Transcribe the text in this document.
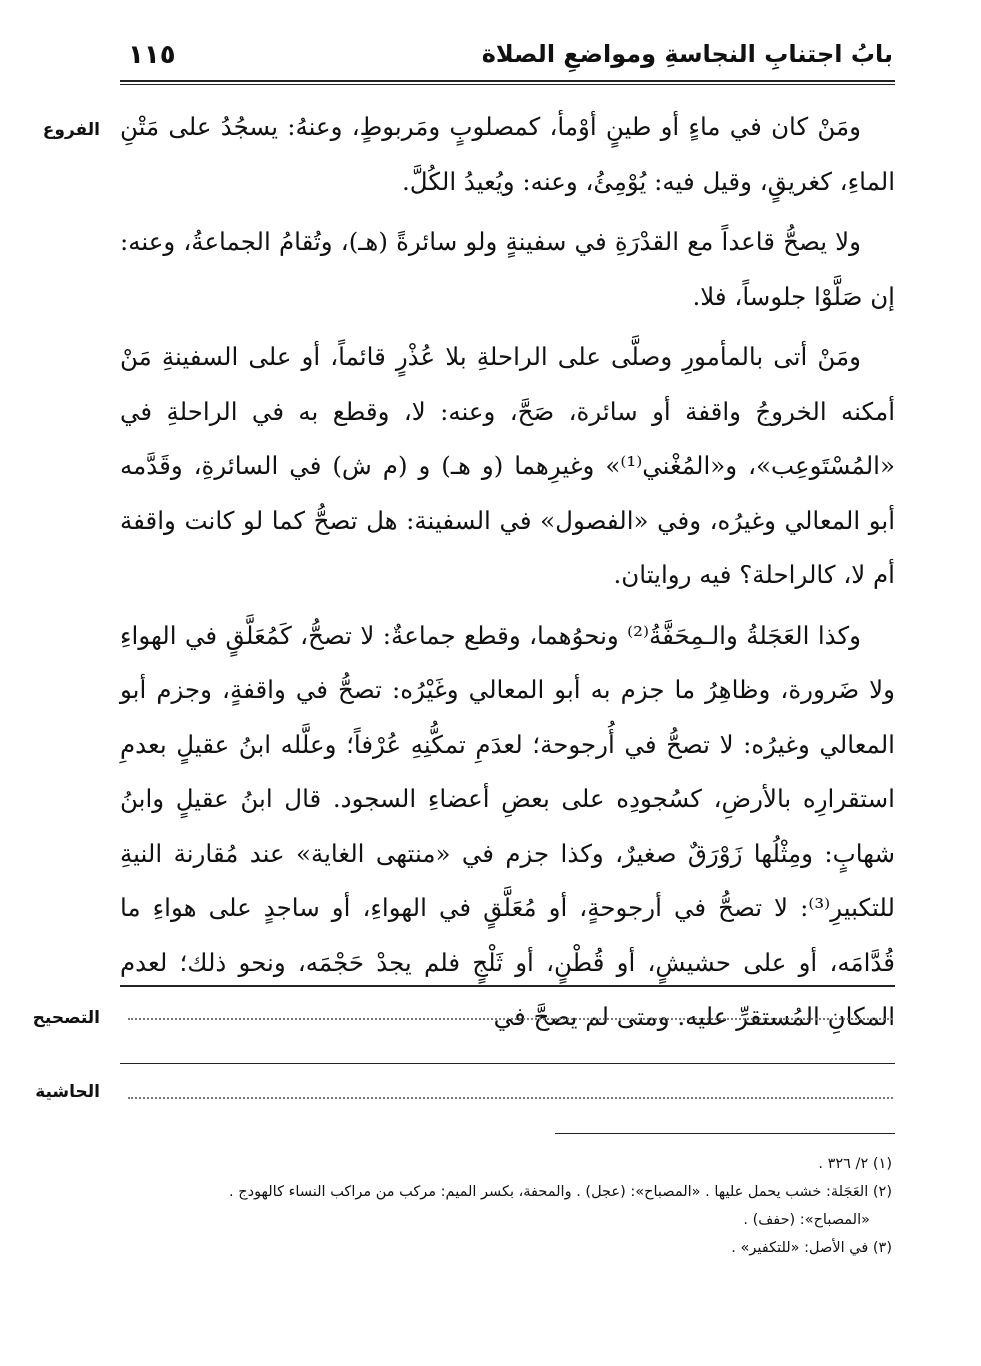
١١٥	بابُ اجتنابِ النجاسةِ ومواضعِ الصلاة
الفروع ومَنْ كان في ماءٍ أو طينٍ أوْمأ، كمصلوبٍ ومَربوطٍ، وعنهُ: يسجُدُ على مَتْنِ الماءِ، كغريقٍ، وقيل فيه: يُوْمِئُ، وعنه: ويُعيدُ الكُلَّ.

ولا يصحُّ قاعداً مع القدْرَةِ في سفينةٍ ولو سائرةً (هـ)، وتُقامُ الجماعةُ، وعنه: إن صَلَّوْا جلوساً، فلا.

ومَنْ أتى بالمأمورِ وصلَّى على الراحلةِ بلا عُذْرٍ قائماً، أو على السفينةِ مَنْ أمكنه الخروجُ واقفة أو سائرة، صَحَّ، وعنه: لا، وقطع به في الراحلةِ في «المُسْتَوعِب»، و«المُغْني⁽¹⁾» وغيرِهما (و هـ) و (م ش) في السائرةِ، وقَدَّمه أبو المعالي وغيرُه، وفي «الفصول» في السفينة: هل تصحُّ كما لو كانت واقفة أم لا، كالراحلة؟ فيه روايتان.

وكذا العَجَلةُ والـمِحَفَّةُ⁽²⁾ ونحوُهما، وقطع جماعةٌ: لا تصحُّ، كَمُعَلَّقٍ في الهواءِ ولا ضَرورة، وظاهِرُ ما جزم به أبو المعالي وغَيْرُه: تصحُّ في واقفةٍ، وجزم أبو المعالي وغيرُه: لا تصحُّ في أُرجوحة؛ لعدَمِ تمكُّنِهِ عُرْفاً؛ وعلَّله ابنُ عقيلٍ بعدمِ استقرارِه بالأرضِ، كسُجودِه على بعضِ أعضاءِ السجود. قال ابنُ عقيلٍ وابنُ شهابٍ: ومِثْلُها زَوْرَقٌ صغيرٌ، وكذا جزم في «منتهى الغاية» عند مُقارنة النيةِ للتكبيرِ⁽³⁾: لا تصحُّ في أرجوحةٍ، أو مُعَلَّقٍ في الهواءِ، أو ساجدٍ على هواءِ ما قُدَّامَه، أو على حشيشٍ، أو قُطْنٍ، أو ثَلْجٍ فلم يجدْ حَجْمَه، ونحو ذلك؛ لعدم المكانِ المُستقرِّ عليه. ومتى لم يصحَّ في

التصحيح
الحاشية
(١) ٢/ ٣٢٦ .
(٢) العَجَلة: خشب يحمل عليها . «المصباح»: (عجل) . والمحفة، بكسر الميم: مركب من مراكب النساء كالهودج .
«المصباح»: (حفف) .
(٣) في الأصل: «للتكفير» .
